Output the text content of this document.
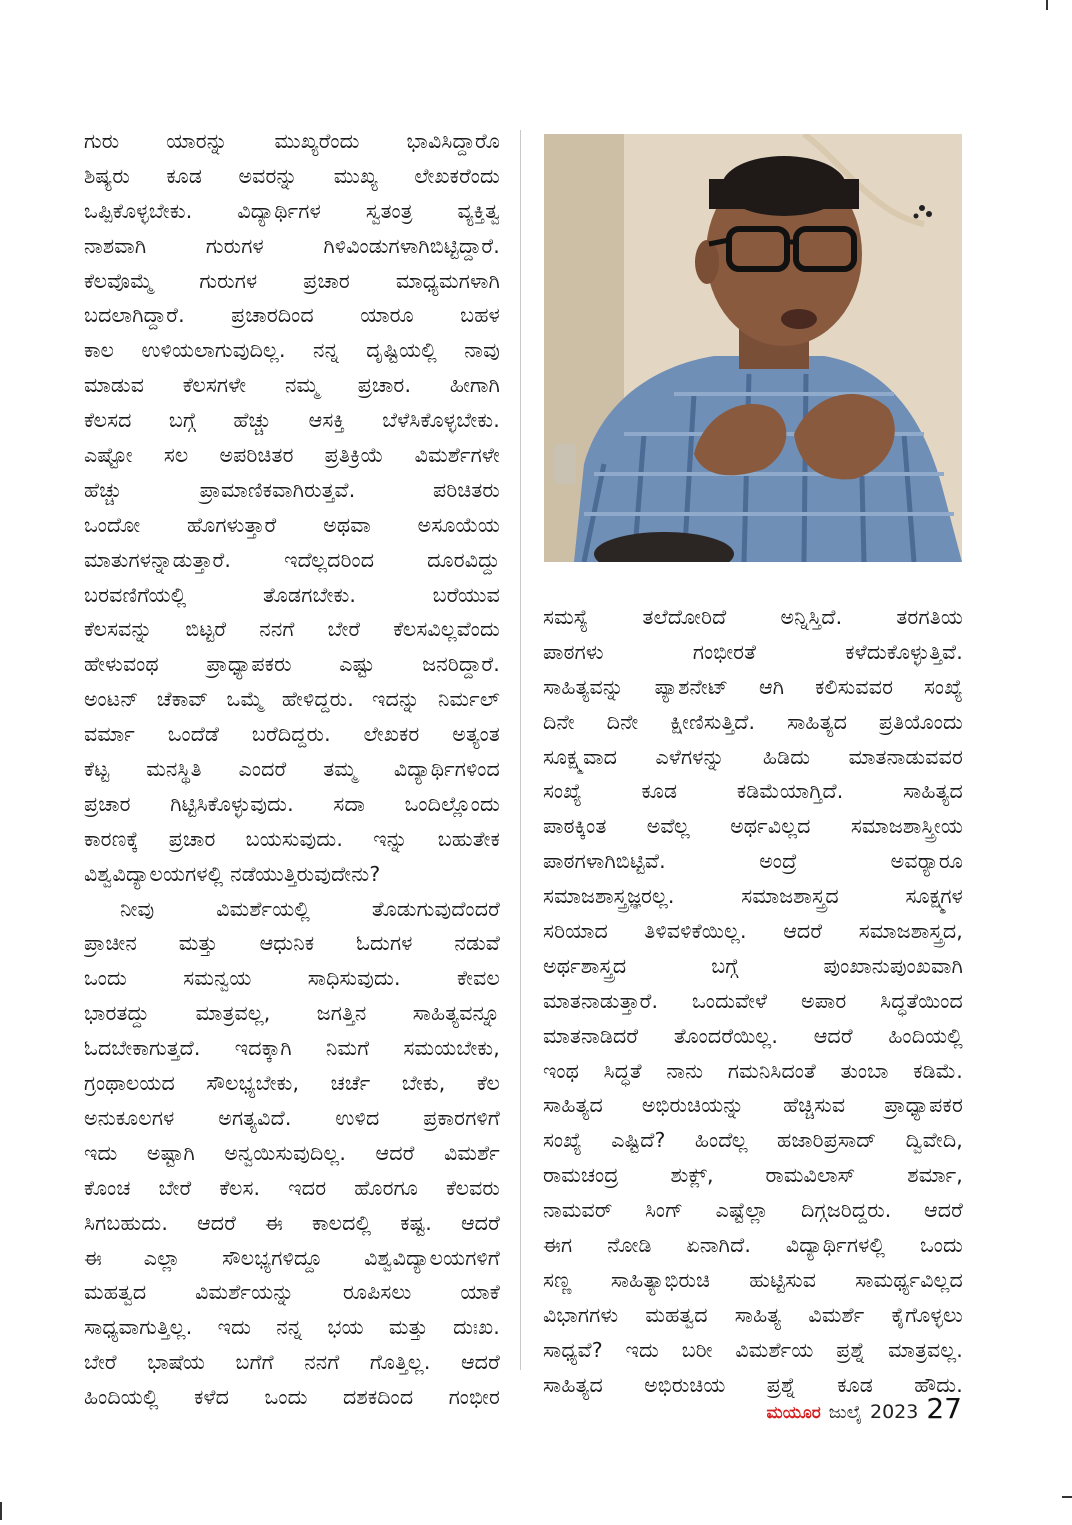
ಗುರು ಯಾರನ್ನು ಮುಖ್ಯರೆಂದು ಭಾವಿಸಿದ್ದಾರೊ
ಶಿಷ್ಯರು ಕೂಡ ಅವರನ್ನು ಮುಖ್ಯ ಲೇಖಕರೆಂದು
ಒಪ್ಪಿಕೊಳ್ಳಬೇಕು. ವಿದ್ಯಾರ್ಥಿಗಳ ಸ್ವತಂತ್ರ ವ್ಯಕ್ತಿತ್ವ
ನಾಶವಾಗಿ ಗುರುಗಳ ಗಿಳಿವಿಂಡುಗಳಾಗಿಬಿಟ್ಟಿದ್ದಾರೆ.
ಕೆಲವೊಮ್ಮೆ ಗುರುಗಳ ಪ್ರಚಾರ ಮಾಧ್ಯಮಗಳಾಗಿ
ಬದಲಾಗಿದ್ದಾರೆ. ಪ್ರಚಾರದಿಂದ ಯಾರೂ ಬಹಳ
ಕಾಲ ಉಳಿಯಲಾಗುವುದಿಲ್ಲ. ನನ್ನ ದೃಷ್ಟಿಯಲ್ಲಿ ನಾವು
ಮಾಡುವ ಕೆಲಸಗಳೇ ನಮ್ಮ ಪ್ರಚಾರ. ಹೀಗಾಗಿ
ಕೆಲಸದ ಬಗ್ಗೆ ಹೆಚ್ಚು ಆಸಕ್ತಿ ಬೆಳೆಸಿಕೊಳ್ಳಬೇಕು.
ಎಷ್ಟೋ ಸಲ ಅಪರಿಚಿತರ ಪ್ರತಿಕ್ರಿಯೆ ವಿಮರ್ಶೆಗಳೇ
ಹೆಚ್ಚು ಪ್ರಾಮಾಣಿಕವಾಗಿರುತ್ತವೆ. ಪರಿಚಿತರು
ಒಂದೋ ಹೊಗಳುತ್ತಾರೆ ಅಥವಾ ಅಸೂಯೆಯ
ಮಾತುಗಳನ್ನಾಡುತ್ತಾರೆ. ಇದೆಲ್ಲದರಿಂದ ದೂರವಿದ್ದು
ಬರವಣಿಗೆಯಲ್ಲಿ ತೊಡಗಬೇಕು. ಬರೆಯುವ
ಕೆಲಸವನ್ನು ಬಿಟ್ಟರೆ ನನಗೆ ಬೇರೆ ಕೆಲಸವಿಲ್ಲವೆಂದು
ಹೇಳುವಂಥ ಪ್ರಾಧ್ಯಾಪಕರು ಎಷ್ಟು ಜನರಿದ್ದಾರೆ.
ಅಂಟನ್ ಚೆಕಾವ್ ಒಮ್ಮೆ ಹೇಳಿದ್ದರು. ಇದನ್ನು ನಿರ್ಮಲ್
ವರ್ಮಾ ಒಂದೆಡೆ ಬರೆದಿದ್ದರು. ಲೇಖಕರ ಅತ್ಯಂತ
ಕೆಟ್ಟ ಮನಸ್ಥಿತಿ ಎಂದರೆ ತಮ್ಮ ವಿದ್ಯಾರ್ಥಿಗಳಿಂದ
ಪ್ರಚಾರ ಗಿಟ್ಟಿಸಿಕೊಳ್ಳುವುದು. ಸದಾ ಒಂದಿಲ್ಲೊಂದು
ಕಾರಣಕ್ಕೆ ಪ್ರಚಾರ ಬಯಸುವುದು. ಇನ್ನು ಬಹುತೇಕ
ವಿಶ್ವವಿದ್ಯಾಲಯಗಳಲ್ಲಿ ನಡೆಯುತ್ತಿರುವುದೇನು?
ನೀವು ವಿಮರ್ಶೆಯಲ್ಲಿ ತೊಡುಗುವುದೆಂದರೆ
ಪ್ರಾಚೀನ ಮತ್ತು ಆಧುನಿಕ ಓದುಗಳ ನಡುವೆ
ಒಂದು ಸಮನ್ವಯ ಸಾಧಿಸುವುದು. ಕೇವಲ
ಭಾರತದ್ದು ಮಾತ್ರವಲ್ಲ, ಜಗತ್ತಿನ ಸಾಹಿತ್ಯವನ್ನೂ
ಓದಬೇಕಾಗುತ್ತದೆ. ಇದಕ್ಕಾಗಿ ನಿಮಗೆ ಸಮಯಬೇಕು,
ಗ್ರಂಥಾಲಯದ ಸೌಲಭ್ಯಬೇಕು, ಚರ್ಚೆ ಬೇಕು, ಕೆಲ
ಅನುಕೂಲಗಳ ಅಗತ್ಯವಿದೆ. ಉಳಿದ ಪ್ರಕಾರಗಳಿಗೆ
ಇದು ಅಷ್ಟಾಗಿ ಅನ್ವಯಿಸುವುದಿಲ್ಲ. ಆದರೆ ವಿಮರ್ಶೆ
ಕೊಂಚ ಬೇರೆ ಕೆಲಸ. ಇದರ ಹೊರಗೂ ಕೆಲವರು
ಸಿಗಬಹುದು. ಆದರೆ ಈ ಕಾಲದಲ್ಲಿ ಕಷ್ಟ. ಆದರೆ
ಈ ಎಲ್ಲಾ ಸೌಲಭ್ಯಗಳಿದ್ದೂ ವಿಶ್ವವಿದ್ಯಾಲಯಗಳಿಗೆ
ಮಹತ್ವದ ವಿಮರ್ಶೆಯನ್ನು ರೂಪಿಸಲು ಯಾಕೆ
ಸಾಧ್ಯವಾಗುತ್ತಿಲ್ಲ. ಇದು ನನ್ನ ಭಯ ಮತ್ತು ದುಃಖ.
ಬೇರೆ ಭಾಷೆಯ ಬಗೆಗೆ ನನಗೆ ಗೊತ್ತಿಲ್ಲ. ಆದರೆ
ಹಿಂದಿಯಲ್ಲಿ ಕಳೆದ ಒಂದು ದಶಕದಿಂದ ಗಂಭೀರ
ಸಮಸ್ಯೆ ತಲೆದೋರಿದೆ ಅನ್ನಿಸ್ತಿದೆ. ತರಗತಿಯ
ಪಾಠಗಳು ಗಂಭೀರತೆ ಕಳೆದುಕೊಳ್ಳುತ್ತಿವೆ.
ಸಾಹಿತ್ಯವನ್ನು ಪ್ಯಾಶನೇಟ್ ಆಗಿ ಕಲಿಸುವವರ ಸಂಖ್ಯೆ
ದಿನೇ ದಿನೇ ಕ್ಷೀಣಿಸುತ್ತಿದೆ. ಸಾಹಿತ್ಯದ ಪ್ರತಿಯೊಂದು
ಸೂಕ್ಷ್ಮವಾದ ಎಳೆಗಳನ್ನು ಹಿಡಿದು ಮಾತನಾಡುವವರ
ಸಂಖ್ಯೆ ಕೂಡ ಕಡಿಮೆಯಾಗ್ತಿದೆ. ಸಾಹಿತ್ಯದ
ಪಾಠಕ್ಕಿಂತ ಅವೆಲ್ಲ ಅರ್ಥವಿಲ್ಲದ ಸಮಾಜಶಾಸ್ತ್ರೀಯ
ಪಾಠಗಳಾಗಿಬಿಟ್ಟಿವೆ. ಅಂದ್ರೆ ಅವರ್‍ಯಾರೂ
ಸಮಾಜಶಾಸ್ತ್ರಜ್ಞರಲ್ಲ. ಸಮಾಜಶಾಸ್ತ್ರದ ಸೂಕ್ಷ್ಮಗಳ
ಸರಿಯಾದ ತಿಳಿವಳಿಕೆಯಿಲ್ಲ. ಆದರೆ ಸಮಾಜಶಾಸ್ತ್ರದ,
ಅರ್ಥಶಾಸ್ತ್ರದ ಬಗ್ಗೆ ಪುಂಖಾನುಪುಂಖವಾಗಿ
ಮಾತನಾಡುತ್ತಾರೆ. ಒಂದುವೇಳೆ ಅಪಾರ ಸಿದ್ಧತೆಯಿಂದ
ಮಾತನಾಡಿದರೆ ತೊಂದರೆಯಿಲ್ಲ. ಆದರೆ ಹಿಂದಿಯಲ್ಲಿ
ಇಂಥ ಸಿದ್ಧತೆ ನಾನು ಗಮನಿಸಿದಂತೆ ತುಂಬಾ ಕಡಿಮೆ.
ಸಾಹಿತ್ಯದ ಅಭಿರುಚಿಯನ್ನು ಹೆಚ್ಚಿಸುವ ಪ್ರಾಧ್ಯಾಪಕರ
ಸಂಖ್ಯೆ ಎಷ್ಟಿದೆ? ಹಿಂದೆಲ್ಲ ಹಜಾರಿಪ್ರಸಾದ್ ದ್ವಿವೇದಿ,
ರಾಮಚಂದ್ರ ಶುಕ್ಲ್, ರಾಮವಿಲಾಸ್ ಶರ್ಮಾ,
ನಾಮವರ್ ಸಿಂಗ್ ಎಷ್ಟೆಲ್ಲಾ ದಿಗ್ಗಜರಿದ್ದರು. ಆದರೆ
ಈಗ ನೋಡಿ ಏನಾಗಿದೆ. ವಿದ್ಯಾರ್ಥಿಗಳಲ್ಲಿ ಒಂದು
ಸಣ್ಣ ಸಾಹಿತ್ಯಾಭಿರುಚಿ ಹುಟ್ಟಿಸುವ ಸಾಮರ್ಥ್ಯವಿಲ್ಲದ
ವಿಭಾಗಗಳು ಮಹತ್ವದ ಸಾಹಿತ್ಯ ವಿಮರ್ಶೆ ಕೈಗೊಳ್ಳಲು
ಸಾಧ್ಯವೆ? ಇದು ಬರೀ ವಿಮರ್ಶೆಯ ಪ್ರಶ್ನೆ ಮಾತ್ರವಲ್ಲ.
ಸಾಹಿತ್ಯದ ಅಭಿರುಚಿಯ ಪ್ರಶ್ನೆ ಕೂಡ ಹೌದು.
ಮಯೂರ ಜುಲೈ 2023 27
